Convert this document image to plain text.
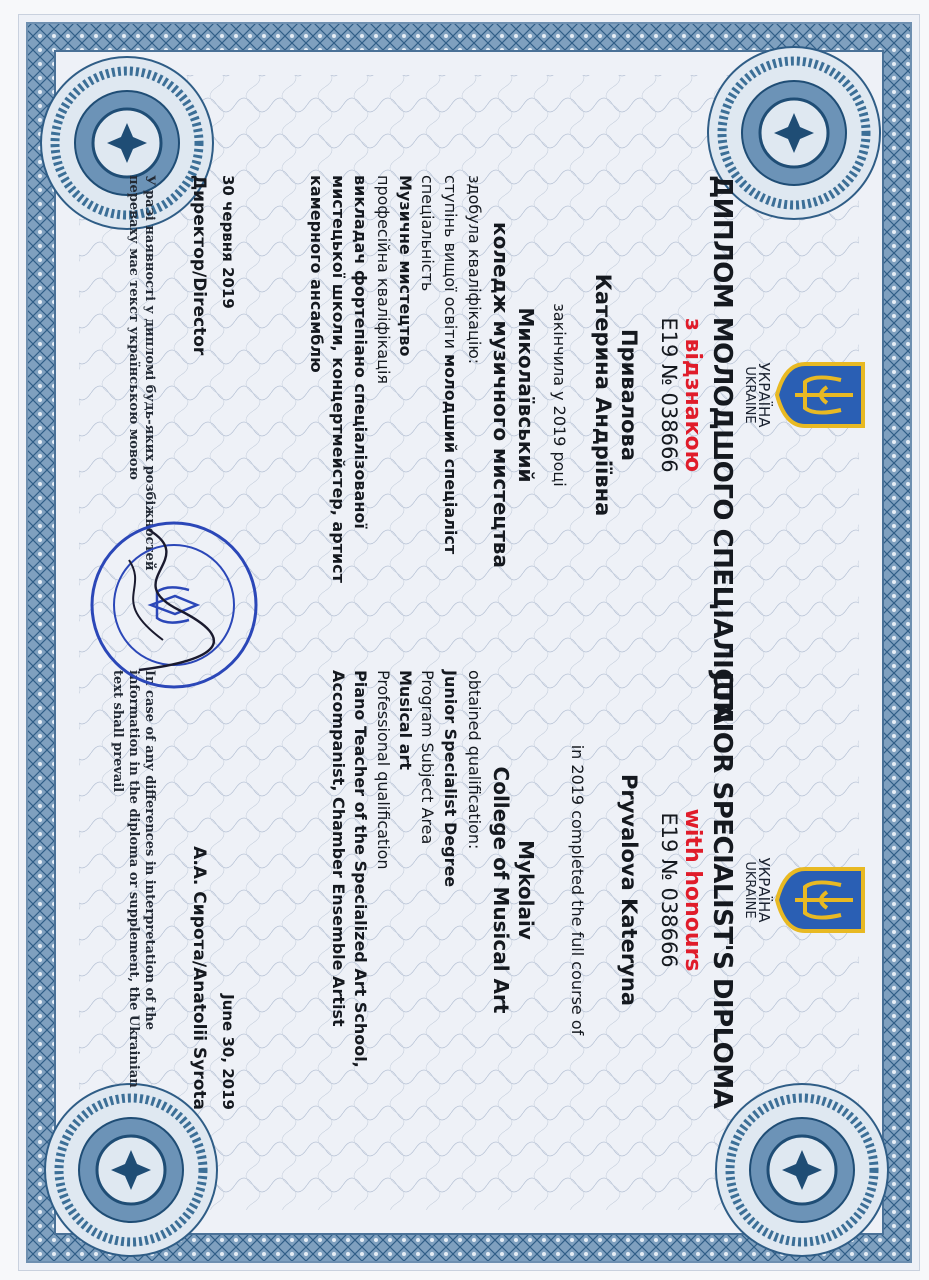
УКРАЇНА
UKRAINE
ДИПЛОМ МОЛОДШОГО СПЕЦІАЛІСТА
з відзнакою
E19 № 038666
Привалова
Катерина Андріївна
закінчила у 2019 році
Миколаївський
коледж музичного мистецтва
здобула кваліфікацію:
ступінь вищої освіти молодший спеціаліст
спеціальність
Музичне мистецтво
професійна кваліфікація
викладач фортепіано спеціалізованої мистецької школи, концертмейстер, артист камерного ансамблю
30 червня 2019
Директор/Director
У разі наявності у дипломі будь-яких розбіжностей переваху має текст українською мовою
УКРАЇНА
UKRAINE
JUNIOR SPECIALIST'S DIPLOMA
with honours
E19 № 038666
Pryvalova Kateryna
in 2019 completed the full course of
Mykolaiv
College of Musical Art
obtained qualification:
Junior Specialist Degree
Program Subject Area
Musical art
Professional qualification
Piano Teacher of the Specialized Art School, Accompanist, Chamber Ensemble Artist
June 30, 2019
А.А. Сирота/Anatolii Syrota
In case of any differences in interpretation of the information in the diploma or supplement, the Ukrainian text shall prevail
